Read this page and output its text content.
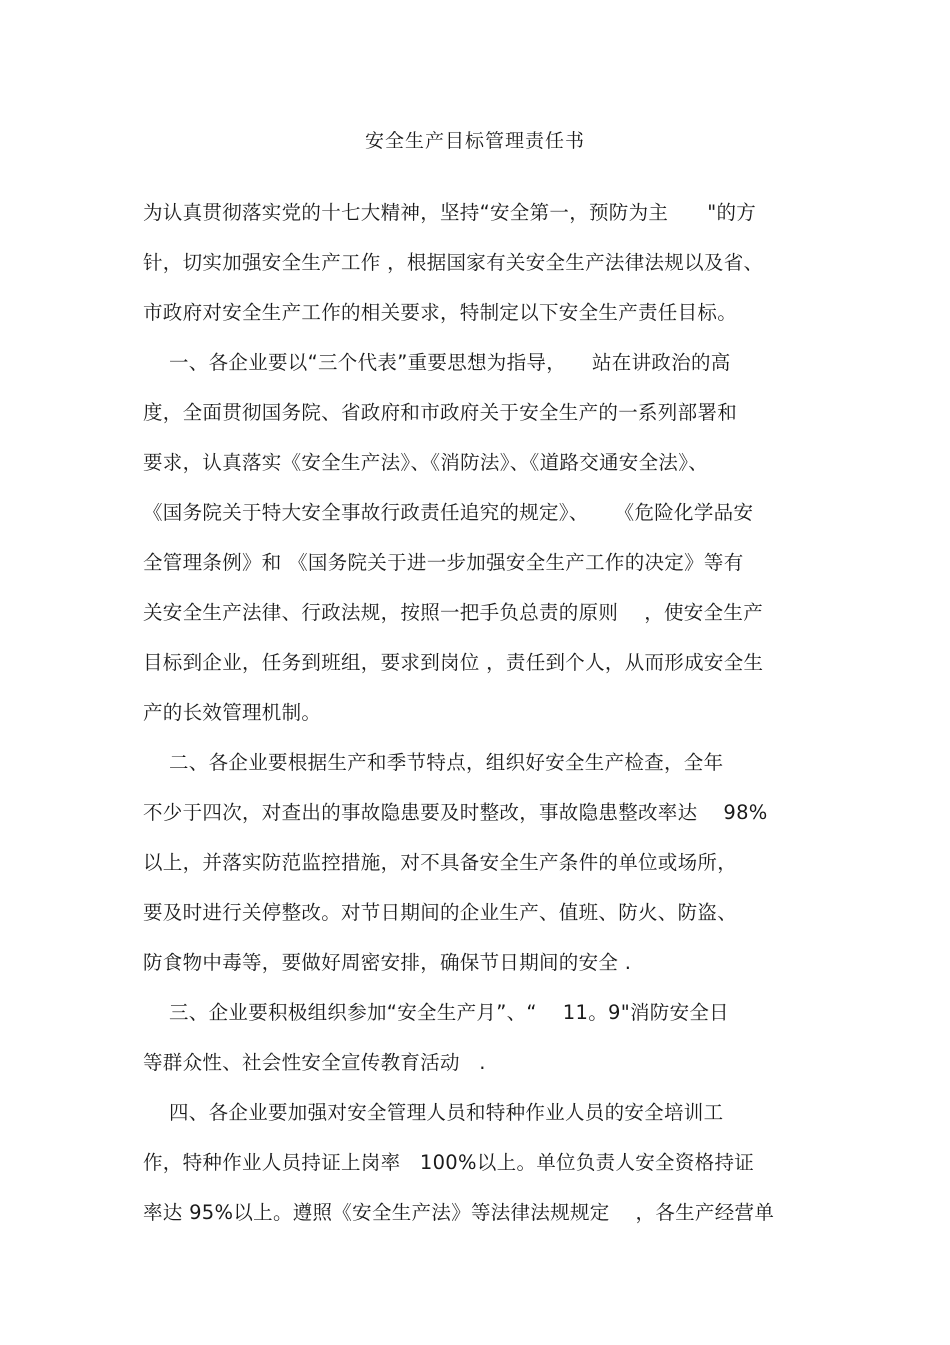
安全生产目标管理责任书
为认真贯彻落实党的十七大精神，坚持“安全第一，预防为主      "的方
针，切实加强安全生产工作 ，根据国家有关安全生产法律法规以及省、
市政府对安全生产工作的相关要求，特制定以下安全生产责任目标。
一、各企业要以“三个代表”重要思想为指导，    站在讲政治的高
度，全面贯彻国务院、省政府和市政府关于安全生产的一系列部署和
要求，认真落实《安全生产法》、《消防法》、《道路交通安全法》、
《国务院关于特大安全事故行政责任追究的规定》、    《危险化学品安
全管理条例》和 《国务院关于进一步加强安全生产工作的决定》等有
关安全生产法律、行政法规，按照一把手负总责的原则    ，使安全生产
目标到企业，任务到班组，要求到岗位 ，责任到个人，从而形成安全生
产的长效管理机制。
二、各企业要根据生产和季节特点，组织好安全生产检查，全年
不少于四次，对查出的事故隐患要及时整改，事故隐患整改率达    98%
以上，并落实防范监控措施，对不具备安全生产条件的单位或场所，
要及时进行关停整改。对节日期间的企业生产、值班、防火、防盗、
防食物中毒等，要做好周密安排，确保节日期间的安全 .
三、企业要积极组织参加“安全生产月”、“    11。9"消防安全日
等群众性、社会性安全宣传教育活动   .
四、各企业要加强对安全管理人员和特种作业人员的安全培训工
作，特种作业人员持证上岗率   100%以上。单位负责人安全资格持证
率达 95%以上。遵照《安全生产法》等法律法规规定    ，各生产经营单
